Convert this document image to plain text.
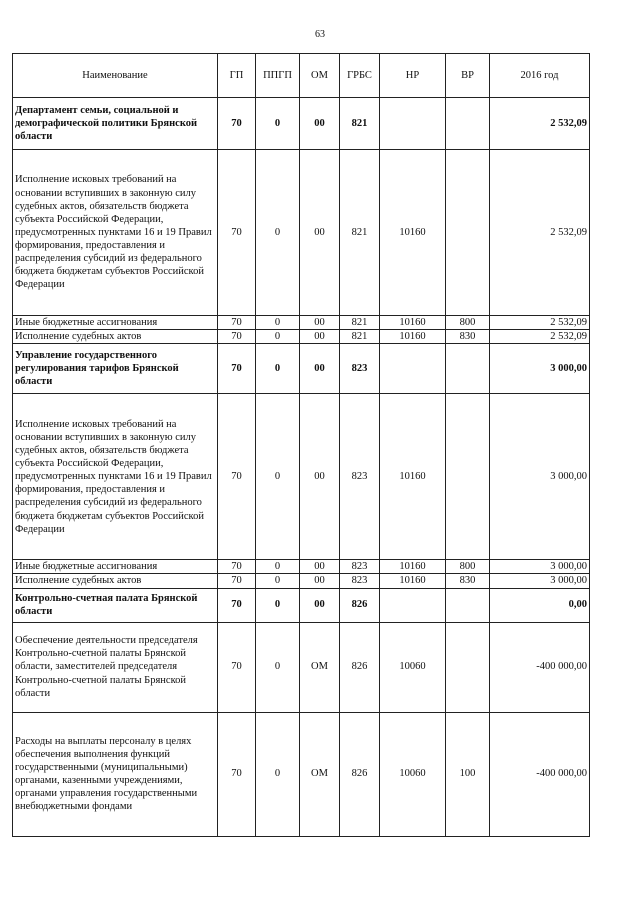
63
Наименование	ГП	ППГП	ОМ	ГРБС	НР	ВР	2016 год
Департамент семьи, социальной и демографической политики Брянской области	70	0	00	821			2 532,09
Исполнение исковых требований на основании вступивших в законную силу судебных актов, обязательств бюджета субъекта Российской Федерации, предусмотренных пунктами 16 и 19 Правил формирования, предоставления и распределения субсидий из федерального бюджета бюджетам субъектов Российской Федерации	70	0	00	821	10160		2 532,09
Иные бюджетные ассигнования	70	0	00	821	10160	800	2 532,09
Исполнение судебных актов	70	0	00	821	10160	830	2 532,09
Управление государственного регулирования тарифов Брянской области	70	0	00	823			3 000,00
Исполнение исковых требований на основании вступивших в законную силу судебных актов, обязательств бюджета субъекта Российской Федерации, предусмотренных пунктами 16 и 19 Правил формирования, предоставления и распределения субсидий из федерального бюджета бюджетам субъектов Российской Федерации	70	0	00	823	10160		3 000,00
Иные бюджетные ассигнования	70	0	00	823	10160	800	3 000,00
Исполнение судебных актов	70	0	00	823	10160	830	3 000,00
Контрольно-счетная палата Брянской области	70	0	00	826			0,00
Обеспечение деятельности председателя Контрольно-счетной палаты Брянской области, заместителей председателя Контрольно-счетной палаты Брянской области	70	0	ОМ	826	10060		-400 000,00
Расходы на выплаты персоналу в целях обеспечения выполнения функций государственными (муниципальными) органами, казенными учреждениями, органами управления государственными внебюджетными фондами	70	0	ОМ	826	10060	100	-400 000,00
